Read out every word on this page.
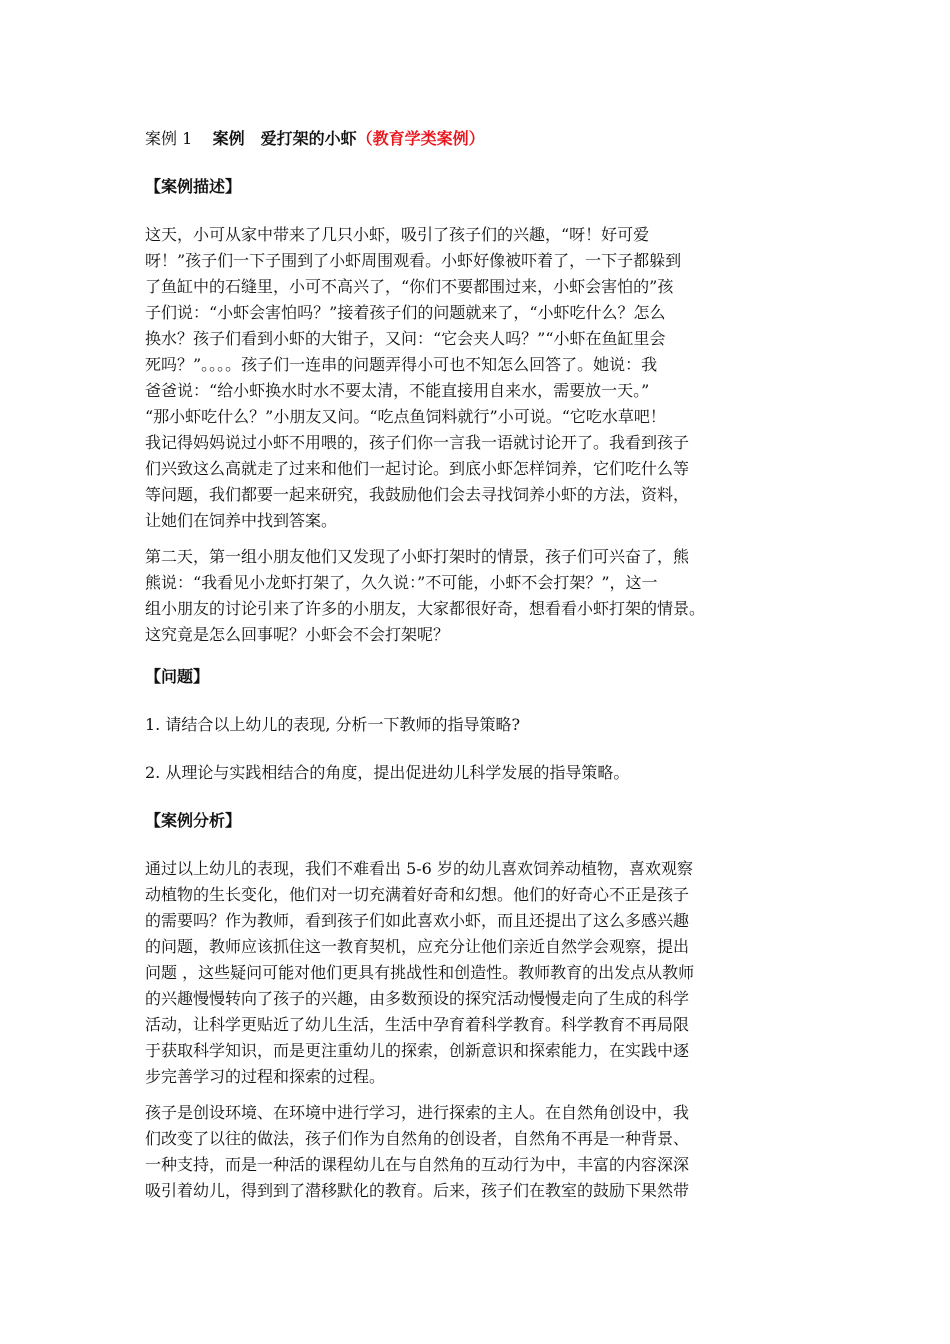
案例 1 案例　爱打架的小虾（教育学类案例）
【案例描述】
这天，小可从家中带来了几只小虾，吸引了孩子们的兴趣，“呀！好可爱
呀！”孩子们一下子围到了小虾周围观看。小虾好像被吓着了，一下子都躲到
了鱼缸中的石缝里，小可不高兴了，“你们不要都围过来，小虾会害怕的”孩
子们说：“小虾会害怕吗？”接着孩子们的问题就来了，“小虾吃什么？怎么
换水？孩子们看到小虾的大钳子，又问：“它会夹人吗？”“小虾在鱼缸里会
死吗？”。。。。孩子们一连串的问题弄得小可也不知怎么回答了。她说：我
爸爸说：“给小虾换水时水不要太清，不能直接用自来水，需要放一天。”
“那小虾吃什么？”小朋友又问。“吃点鱼饲料就行”小可说。“它吃水草吧！
我记得妈妈说过小虾不用喂的，孩子们你一言我一语就讨论开了。我看到孩子
们兴致这么高就走了过来和他们一起讨论。到底小虾怎样饲养，它们吃什么等
等问题，我们都要一起来研究，我鼓励他们会去寻找饲养小虾的方法，资料，
让她们在饲养中找到答案。
第二天，第一组小朋友他们又发现了小虾打架时的情景，孩子们可兴奋了，熊
熊说：“我看见小龙虾打架了，久久说：”不可能，小虾不会打架？”，这一
组小朋友的讨论引来了许多的小朋友，大家都很好奇，想看看小虾打架的情景。
这究竟是怎么回事呢？小虾会不会打架呢？
【问题】
1. 请结合以上幼儿的表现, 分析一下教师的指导策略?
2. 从理论与实践相结合的角度，提出促进幼儿科学发展的指导策略。
【案例分析】
通过以上幼儿的表现，我们不难看出 5-6 岁的幼儿喜欢饲养动植物，喜欢观察
动植物的生长变化，他们对一切充满着好奇和幻想。他们的好奇心不正是孩子
的需要吗？作为教师，看到孩子们如此喜欢小虾，而且还提出了这么多感兴趣
的问题，教师应该抓住这一教育契机，应充分让他们亲近自然学会观察，提出
问题 ，这些疑问可能对他们更具有挑战性和创造性。教师教育的出发点从教师
的兴趣慢慢转向了孩子的兴趣，由多数预设的探究活动慢慢走向了生成的科学
活动，让科学更贴近了幼儿生活，生活中孕育着科学教育。科学教育不再局限
于获取科学知识，而是更注重幼儿的探索，创新意识和探索能力，在实践中逐
步完善学习的过程和探索的过程。
孩子是创设环境、在环境中进行学习，进行探索的主人。在自然角创设中，我
们改变了以往的做法，孩子们作为自然角的创设者，自然角不再是一种背景、
一种支持，而是一种活的课程幼儿在与自然角的互动行为中，丰富的内容深深
吸引着幼儿，得到到了潜移默化的教育。后来，孩子们在教室的鼓励下果然带
